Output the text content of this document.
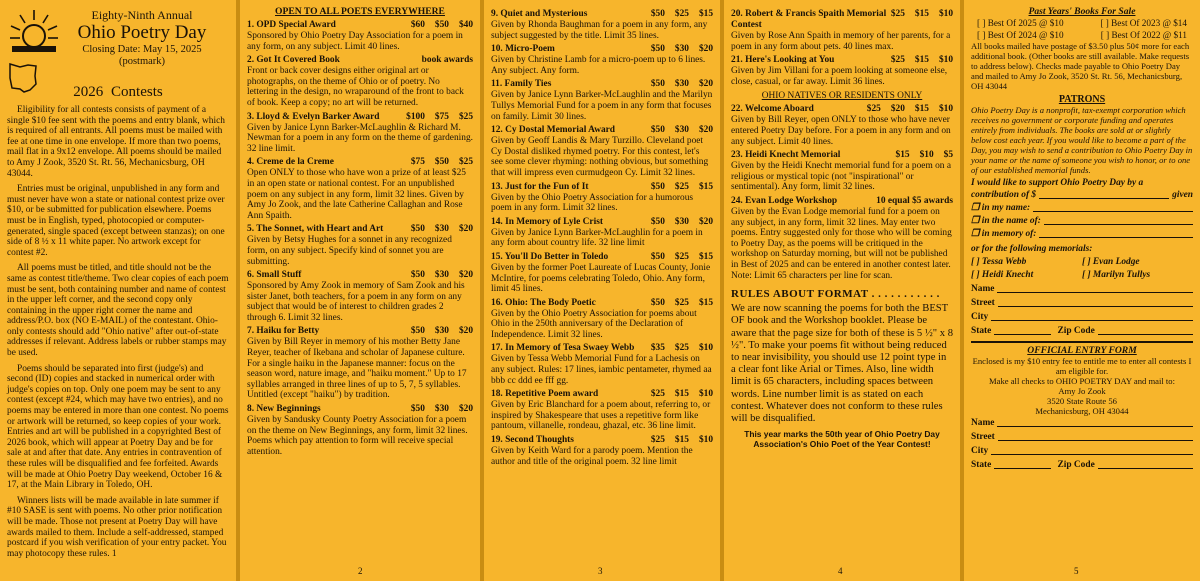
Eighty-Ninth Annual
Ohio Poetry Day
Closing Date: May 15, 2025
(postmark)
2026 Contests

Eligibility for all contests consists of payment of a single $10 fee sent with the poems and entry blank, which is required of all entrants. All poems must be mailed with fee at one time in one envelope. If more than two poems, mail flat in a 9x12 envelope. All poems should be mailed to Amy J Zook, 3520 St. Rt. 56, Mechanicsburg, OH 43044.

Entries must be original, unpublished in any form and must never have won a state or national contest prize over $10, or be submitted for publication elsewhere. Poems must be in English, typed, photocopied or computer-generated, single spaced (except between stanzas); on one side of 8 ½ x 11 white paper. No artwork except for contest #2.

All poems must be titled, and title should not be the same as contest title/theme. Two clear copies of each poem must be sent, both containing number and name of contest in the upper left corner, and the second copy only containing in the upper right corner the name and address/P.O. box (NO E-MAIL) of the contestant. Ohio-only contests should add "Ohio native" after out-of-state addresses if relevant. Address labels or rubber stamps may be used.

Poems should be separated into first (judge's) and second (ID) copies and stacked in numerical order with judge's copies on top. Only one poem may be sent to any contest (except #24, which may have two entries), and no poems may be entered in more than one contest. No poems or artwork will be returned, so keep copies of your work. Entries and art will be published in a copyrighted Best of 2026 book, which will appear at Poetry Day and be for sale at and after that date. Any entries in contravention of these rules will be disqualified and fee forfeited. Awards will be made at Ohio Poetry Day weekend, October 16 & 17, at the Main Library in Toledo, OH.

Winners lists will be made available in late summer if #10 SASE is sent with poems. No other prior notification will be made. Those not present at Poetry Day will have awards mailed to them. Include a self-addressed, stamped postcard if you wish verification of your entry packet. You may photocopy these rules. 1

OPEN TO ALL POETS EVERYWHERE
1. OPD Special Award	$60 $50 $40

Sponsored by Ohio Poetry Day Association for a poem in any form, on any subject. Limit 40 lines.

2. Got It Covered Book	book awards

Front or back cover designs either original art or photographs, on the theme of Ohio or of poetry. No lettering in the design, no wraparound of the front to back of book. Keep a copy; no art will be returned.

3. Lloyd & Evelyn Barker Award	$100 $75 $25

Given by Janice Lynn Barker-McLaughlin & Richard M. Newman for a poem in any form on the theme of gardening. 32 line limit.

4. Creme de la Creme	$75 $50 $25

Open ONLY to those who have won a prize of at least $25 in an open state or national contest. For an unpublished poem on any subject in any form, limit 32 lines. Given by Amy Jo Zook, and the late Catherine Callaghan and Rose Ann Spaith.

5. The Sonnet, with Heart and Art	$50 $30 $20

Given by Betsy Hughes for a sonnet in any recognized form, on any subject. Specify kind of sonnet you are submitting.

6. Small Stuff	$50 $30 $20

Sponsored by Amy Zook in memory of Sam Zook and his sister Janet, both teachers, for a poem in any form on any subject that would be of interest to children grades 2 through 6. Limit 32 lines.

7. Haiku for Betty	$50 $30 $20

Given by Bill Reyer in memory of his mother Betty Jane Reyer, teacher of Ikebana and scholar of Japanese culture. For a single haiku in the Japanese manner: focus on the season word, nature image, and "haiku moment." Up to 17 syllables arranged in three lines of up to 5, 7, 5 syllables. Untitled (except "haiku") by tradition.

8. New Beginnings	$50 $30 $20

Given by Sandusky County Poetry Association for a poem on the theme on New Beginnings, any form, limit 32 lines. Poems which pay attention to form will receive special attention.

2
9. Quiet and Mysterious	$50 $25 $15

Given by Rhonda Baughman for a poem in any form, any subject suggested by the title. Limit 35 lines.

10. Micro-Poem	$50 $30 $20

Given by Christine Lamb for a micro-poem up to 6 lines. Any subject. Any form.

11. Family Ties	$50 $30 $20

Given by Janice Lynn Barker-McLaughlin and the Marilyn Tullys Memorial Fund for a poem in any form that focuses on family. Limit 30 lines.

12. Cy Dostal Memorial Award	$50 $30 $20

Given by Geoff Landis & Mary Turzillo. Cleveland poet Cy Dostal disliked rhymed poetry. For this contest, let's see some clever rhyming: nothing obvious, but something that will impress even curmudgeon Cy. Limit 32 lines.

13. Just for the Fun of It	$50 $25 $15

Given by the Ohio Poetry Association for a humorous poem in any form. Limit 32 lines.

14. In Memory of Lyle Crist	$50 $30 $20

Given by Janice Lynn Barker-McLaughlin for a poem in any form about country life. 32 line limit

15. You'll Do Better in Toledo	$50 $25 $15

Given by the former Poet Laureate of Lucas County, Jonie McIntire, for poems celebrating Toledo, Ohio. Any form, limit 45 lines.

16. Ohio: The Body Poetic	$50 $25 $15

Given by the Ohio Poetry Association for poems about Ohio in the 250th anniversary of the Declaration of Independence. Limit 32 lines.

17. In Memory of Tesa Swaey Webb	$35 $25 $10

Given by Tessa Webb Memorial Fund for a Lachesis on any subject. Rules: 17 lines, iambic pentameter, rhymed aa bbb cc ddd ee fff gg.

18. Repetitive Poem award	$25 $15 $10

Given by Eric Blanchard for a poem about, referring to, or inspired by Shakespeare that uses a repetitive form like pantoum, villanelle, rondeau, ghazal, etc. 36 line limit.

19. Second Thoughts	$25 $15 $10

Given by Keith Ward for a parody poem. Mention the author and title of the original poem. 32 line limit

3
20. Robert & Francis Spaith Memorial Contest
$25 $15 $10

Given by Rose Ann Spaith in memory of her parents, for a poem in any form about pets. 40 lines max.

21. Here's Looking at You	$25 $15 $10

Given by Jim Villani for a poem looking at someone else, close, casual, or far away. Limit 36 lines.

OHIO NATIVES OR RESIDENTS ONLY
22. Welcome Aboard	$25 $20 $15 $10

Given by Bill Reyer, open ONLY to those who have never entered Poetry Day before. For a poem in any form and on any subject. Limit 40 lines.

23. Heidi Knecht Memorial	$15 $10 $5

Given by the Heidi Knecht memorial fund for a poem on a religious or mystical topic (not "inspirational" or sentimental). Any form, limit 32 lines.

24. Evan Lodge Workshop	10 equal $5 awards

Given by the Evan Lodge memorial fund for a poem on any subject, in any form, limit 32 lines. May enter two poems. Entry suggested only for those who will be coming to Poetry Day, as the poems will be critiqued in the workshop on Saturday morning, but will not be published in Best of 2025 and can be entered in another contest later. Note: Limit 65 characters per line for scan.

RULES ABOUT FORMAT . . . . . . . . . . .

We are now scanning the poems for both the BEST OF book and the Workshop booklet. Please be aware that the page size for both of these is 5 ½" x 8 ½". To make your poems fit without being reduced to near invisibility, you should use 12 point type in a clear font like Arial or Times. Also, line width limit is 65 characters, including spaces between words. Line number limit is as stated on each contest. Whatever does not conform to these rules will be disqualified.

This year marks the 50th year of Ohio Poetry Day Association's Ohio Poet of the Year Contest!

4
Past Years' Books For Sale
[ ] Best Of 2025 @ $10	[ ] Best Of 2023 @ $14
[ ] Best Of 2024 @ $10	[ ] Best Of 2022 @ $11

All books mailed have postage of $3.50 plus 50¢ more for each additional book. (Other books are still available. Make requests to address below). Checks made payable to Ohio Poetry Day and mailed to Amy Jo Zook, 3520 St. Rt. 56, Mechanicsburg, OH 43044

PATRONS

Ohio Poetry Day is a nonprofit, tax-exempt corporation which receives no government or corporate funding and operates entirely from individuals. The books are sold at or slightly below cost each year. If you would like to become a part of the Day, you may wish to send a contribution to Ohio Poetry Day in your name or the name of someone you wish to honor, or to one of our established memorial funds.

I would like to support Ohio Poetry Day by a

contribution of $	given
❒ in my name:
❒ in the name of:
❒ in memory of:
or for the following memorials:
[ ] Tessa Webb	[ ] Evan Lodge
[ ] Heidi Knecht	[ ] Marilyn Tullys
Name
Street
City
State	Zip Code
OFFICIAL ENTRY FORM

Enclosed is my $10 entry fee to entitle me to enter all contests I am eligible for.

Make all checks to OHIO POETRY DAY and mail to:

Amy Jo Zook

3520 State Route 56

Mechanicsburg, OH 43044

Name
Street
City
State	Zip Code
5
